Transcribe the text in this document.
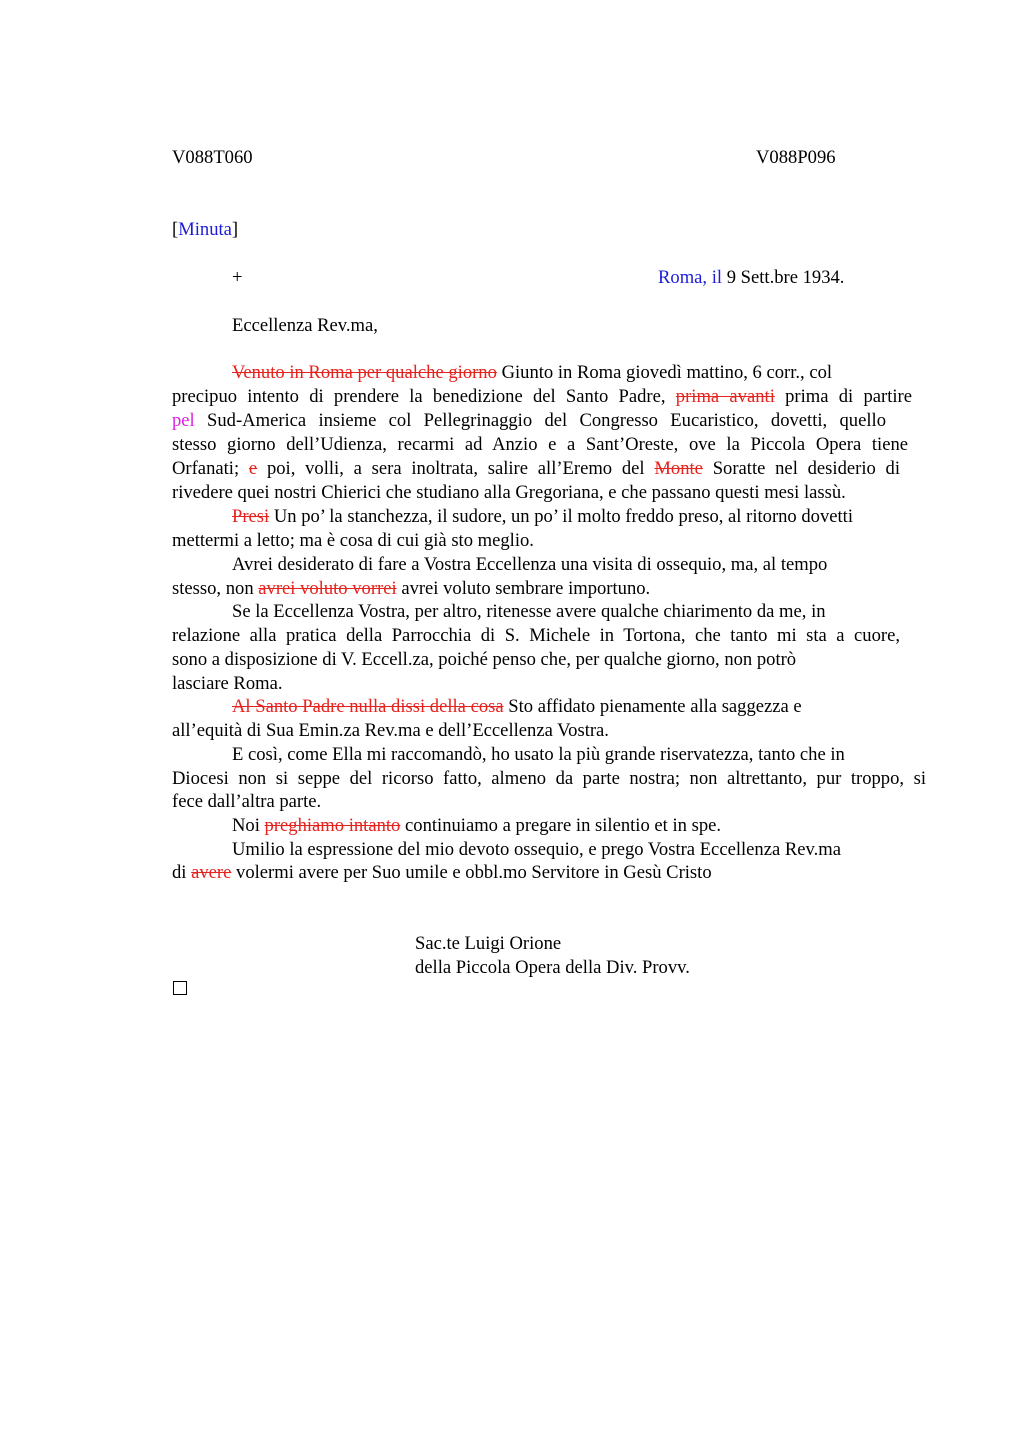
V088T060	V088P096
[Minuta]
+	Roma, il 9 Sett.bre 1934.
Eccellenza Rev.ma,
Venuto in Roma per qualche giorno Giunto in Roma giovedì mattino, 6 corr., col
precipuo intento di prendere la benedizione del Santo Padre, prima avanti prima di partire
pel Sud-America insieme col Pellegrinaggio del Congresso Eucaristico, dovetti, quello
stesso giorno dell’Udienza, recarmi ad Anzio e a Sant’Oreste, ove la Piccola Opera tiene
Orfanati; e poi, volli, a sera inoltrata, salire all’Eremo del Monte Soratte nel desiderio di
rivedere quei nostri Chierici che studiano alla Gregoriana, e che passano questi mesi lassù.
Presi Un po’ la stanchezza, il sudore, un po’ il molto freddo preso, al ritorno dovetti
mettermi a letto; ma è cosa di cui già sto meglio.
Avrei desiderato di fare a Vostra Eccellenza una visita di ossequio, ma, al tempo
stesso, non avrei voluto vorrei avrei voluto sembrare importuno.
Se la Eccellenza Vostra, per altro, ritenesse avere qualche chiarimento da me, in
relazione alla pratica della Parrocchia di S. Michele in Tortona, che tanto mi sta a cuore,
sono a disposizione di V. Eccell.za, poiché penso che, per qualche giorno, non potrò
lasciare Roma.
Al Santo Padre nulla dissi della cosa Sto affidato pienamente alla saggezza e
all’equità di Sua Emin.za Rev.ma e dell’Eccellenza Vostra.
E così, come Ella mi raccomandò, ho usato la più grande riservatezza, tanto che in
Diocesi non si seppe del ricorso fatto, almeno da parte nostra; non altrettanto, pur troppo, si
fece dall’altra parte.
Noi preghiamo intanto continuiamo a pregare in silentio et in spe.
Umilio la espressione del mio devoto ossequio, e prego Vostra Eccellenza Rev.ma
di avere volermi avere per Suo umile e obbl.mo Servitore in Gesù Cristo
Sac.te Luigi Orione
della Piccola Opera della Div. Provv.
